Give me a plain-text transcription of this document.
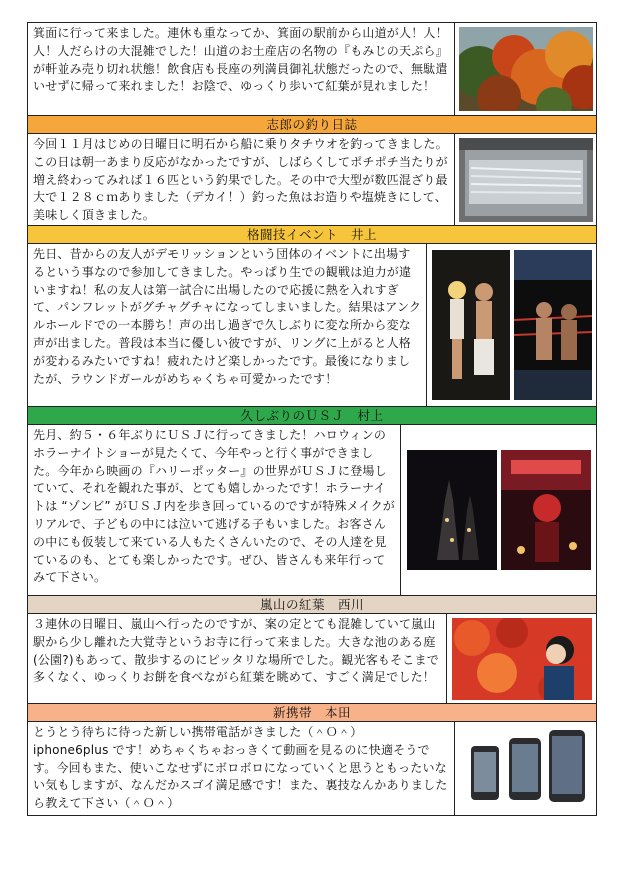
箕面に行って来ました。連休も重なってか、箕面の駅前から山道が人！人！人！人だらけの大混雑でした！山道のお土産店の名物の『もみじの天ぷら』が軒並み売り切れ状態！飲食店も長座の列満員御礼状態だったので、無駄遣いせずに帰って来れました！お陰で、ゆっくり歩いて紅葉が見れました！
志郎の釣り日誌
今回１１月はじめの日曜日に明石から船に乗りタチウオを釣ってきました。この日は朝一あまり反応がなかったですが、しばらくしてポチポチ当たりが増え終わってみれば１６匹という釣果でした。その中で大型が数匹混ざり最大で１２８ｃｍありました（デカイ！）釣った魚はお造りや塩焼きにして、美味しく頂きました。
格闘技イベント　井上
先日、昔からの友人がデモリッションという団体のイベントに出場するという事なので参加してきました。やっぱり生での観戦は迫力が違いますね！私の友人は第一試合に出場したので応援に熱を入れすぎて、パンフレットがグチャグチャになってしまいました。結果はアンクルホールドでの一本勝ち！声の出し過ぎで久しぶりに変な所から変な声が出ました。普段は本当に優しい彼ですが、リングに上がると人格が変わるみたいですね！疲れたけど楽しかったです。最後になりましたが、ラウンドガールがめちゃくちゃ可愛かったです！
久しぶりのＵＳＪ　村上
先月、約５・６年ぶりにＵＳＪに行ってきました！ハロウィンのホラーナイトショーが見たくて、今年やっと行く事ができました。今年から映画の『ハリーポッター』の世界がＵＳＪに登場していて、それを観れた事が、とても嬉しかったです！ホラーナイトは “ゾンビ” がＵＳＪ内を歩き回っているのですが特殊メイクがリアルで、子どもの中には泣いて逃げる子もいました。お客さんの中にも仮装して来ている人もたくさんいたので、その人達を見ているのも、とても楽しかったです。ぜひ、皆さんも来年行ってみて下さい。
嵐山の紅葉　西川
３連休の日曜日、嵐山へ行ったのですが、案の定とても混雑していて嵐山駅から少し離れた大覚寺というお寺に行って来ました。大きな池のある庭(公園?)もあって、散歩するのにピッタリな場所でした。観光客もそこまで多くなく、ゆっくりお餅を食べながら紅葉を眺めて、すごく満足でした！
新携帯　本田
とうとう待ちに待った新しい携帯電話がきました（＾Ｏ＾）
iphone6plus です！めちゃくちゃおっきくて動画を見るのに快適そうです。今回もまた、使いこなせずにボロボロになっていくと思うともったいない気もしますが、なんだかスゴイ満足感です！また、裏技なんかありましたら教えて下さい（＾Ｏ＾）
